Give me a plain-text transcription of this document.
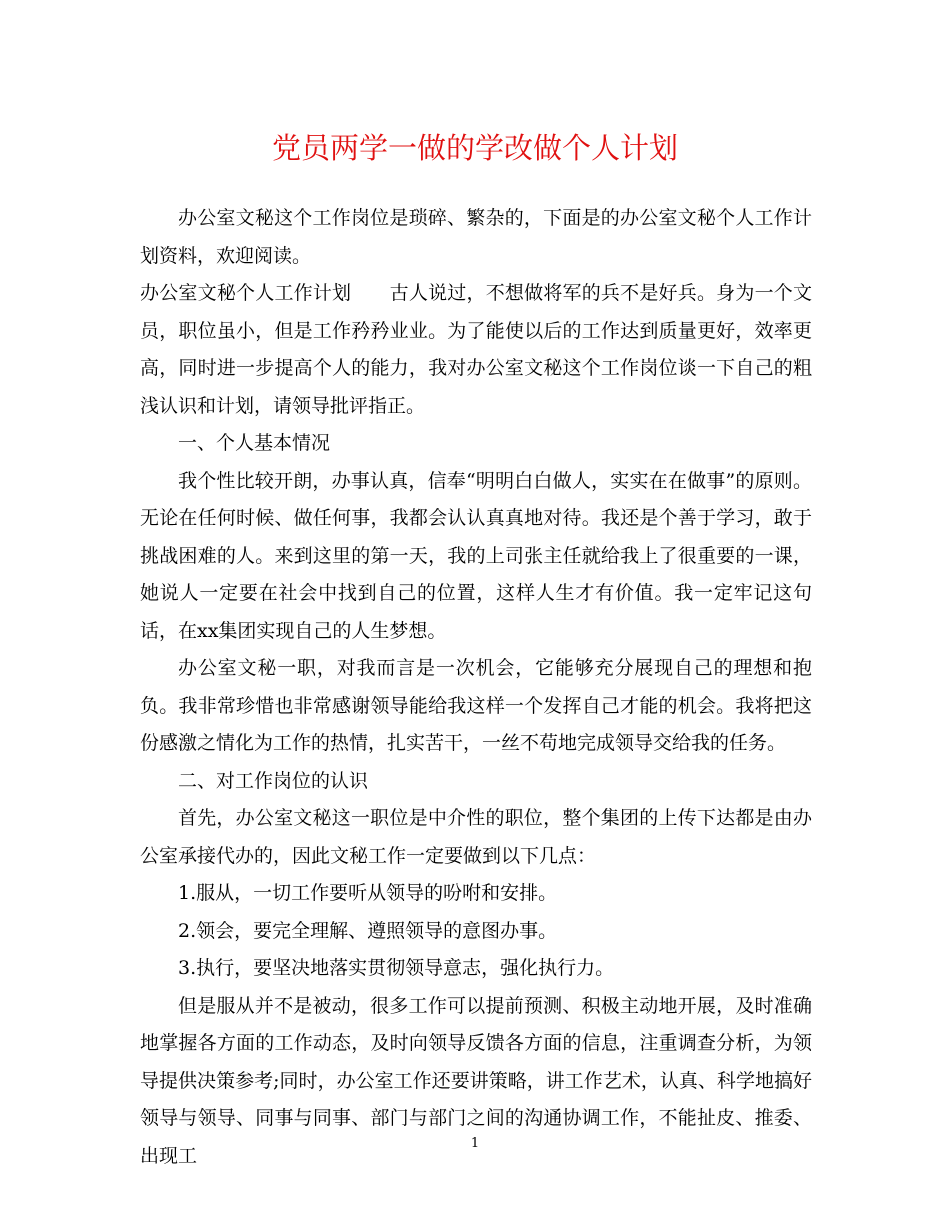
党员两学一做的学改做个人计划

办公室文秘这个工作岗位是琐碎、繁杂的，下面是的办公室文秘个人工作计划资料，欢迎阅读。

办公室文秘个人工作计划　　古人说过，不想做将军的兵不是好兵。身为一个文员，职位虽小，但是工作矜矜业业。为了能使以后的工作达到质量更好，效率更高，同时进一步提高个人的能力，我对办公室文秘这个工作岗位谈一下自己的粗浅认识和计划，请领导批评指正。

一、个人基本情况

我个性比较开朗，办事认真，信奉“明明白白做人，实实在在做事”的原则。无论在任何时候、做任何事，我都会认认真真地对待。我还是个善于学习，敢于挑战困难的人。来到这里的第一天，我的上司张主任就给我上了很重要的一课，她说人一定要在社会中找到自己的位置，这样人生才有价值。我一定牢记这句话，在xx集团实现自己的人生梦想。

办公室文秘一职，对我而言是一次机会，它能够充分展现自己的理想和抱负。我非常珍惜也非常感谢领导能给我这样一个发挥自己才能的机会。我将把这份感激之情化为工作的热情，扎实苦干，一丝不苟地完成领导交给我的任务。

二、对工作岗位的认识

首先，办公室文秘这一职位是中介性的职位，整个集团的上传下达都是由办公室承接代办的，因此文秘工作一定要做到以下几点：

1.服从，一切工作要听从领导的吩咐和安排。

2.领会，要完全理解、遵照领导的意图办事。

3.执行，要坚决地落实贯彻领导意志，强化执行力。

但是服从并不是被动，很多工作可以提前预测、积极主动地开展，及时准确地掌握各方面的工作动态，及时向领导反馈各方面的信息，注重调查分析，为领导提供决策参考;同时，办公室工作还要讲策略，讲工作艺术，认真、科学地搞好领导与领导、同事与同事、部门与部门之间的沟通协调工作，不能扯皮、推委、出现工

1
